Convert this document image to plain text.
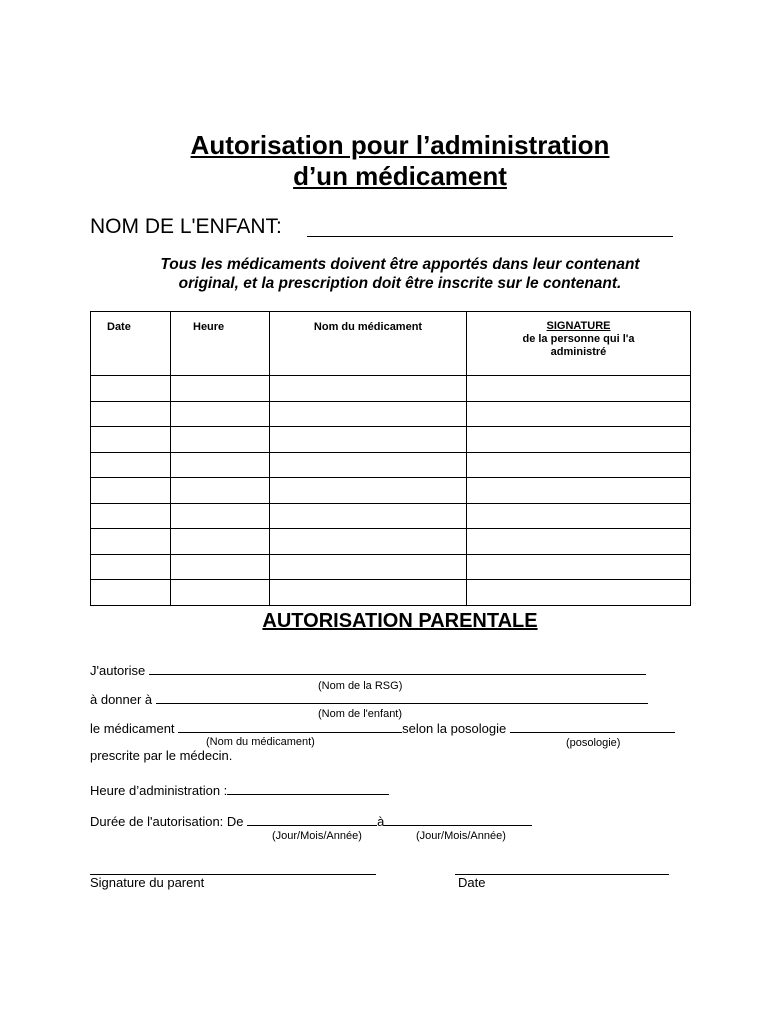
Autorisation pour l’administration
d’un médicament
NOM DE L'ENFANT:
Tous les médicaments doivent être apportés dans leur contenant
original, et la prescription doit être inscrite sur le contenant.
Date	Heure	Nom du médicament	SIGNATURE
de la personne qui l'a
administré

AUTORISATION PARENTALE
J'autorise
(Nom de la RSG)
à donner à
(Nom de l'enfant)
le médicament	selon la posologie
(Nom du médicament)	(posologie)
prescrite par le médecin.
Heure d’administration :
Durée de l'autorisation: De	à
(Jour/Mois/Année)	(Jour/Mois/Année)
Signature du parent	Date
